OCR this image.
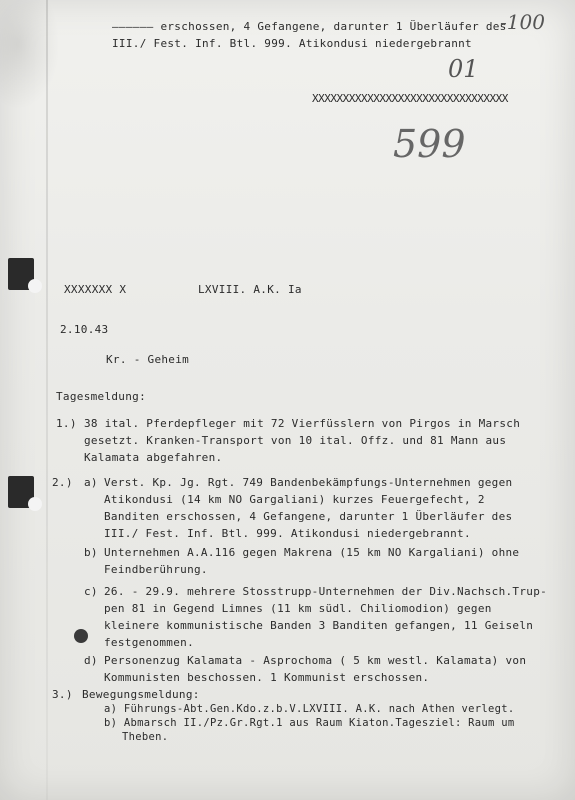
—————— erschossen, 4 Gefangene, darunter 1 Überläufer des
III./ Fest. Inf. Btl. 999. Atikondusi niedergebrannt
-100
01
XXXXXXXXXXXXXXXXXXXXXXXXXXXXXXXX
599
XXXXXXX X	LXVIII. A.K. Ia
2.10.43
Kr. - Geheim
Tagesmeldung:
1.) 38 ital. Pferdepfleger mit 72 Vierfüsslern von Pirgos in Marsch
gesetzt. Kranken-Transport von 10 ital. Offz. und 81 Mann aus
Kalamata abgefahren.
2.) a) Verst. Kp. Jg. Rgt. 749 Bandenbekämpfungs-Unternehmen gegen
Atikondusi (14 km NO Gargaliani) kurzes Feuergefecht, 2
Banditen erschossen, 4 Gefangene, darunter 1 Überläufer des
III./ Fest. Inf. Btl. 999. Atikondusi niedergebrannt.
b) Unternehmen A.A.116 gegen Makrena (15 km NO Kargaliani) ohne
Feindberührung.
c) 26. - 29.9. mehrere Stosstrupp-Unternehmen der Div.Nachsch.Trup-
pen 81 in Gegend Limnes (11 km südl. Chiliomodion) gegen
kleinere kommunistische Banden 3 Banditen gefangen, 11 Geiseln
festgenommen.
d) Personenzug Kalamata - Asprochoma ( 5 km westl. Kalamata) von
Kommunisten beschossen. 1 Kommunist erschossen.
3.) Bewegungsmeldung:
a) Führungs-Abt.Gen.Kdo.z.b.V.LXVIII. A.K. nach Athen verlegt.
b) Abmarsch II./Pz.Gr.Rgt.1 aus Raum Kiaton.Tagesziel: Raum um
Theben.
